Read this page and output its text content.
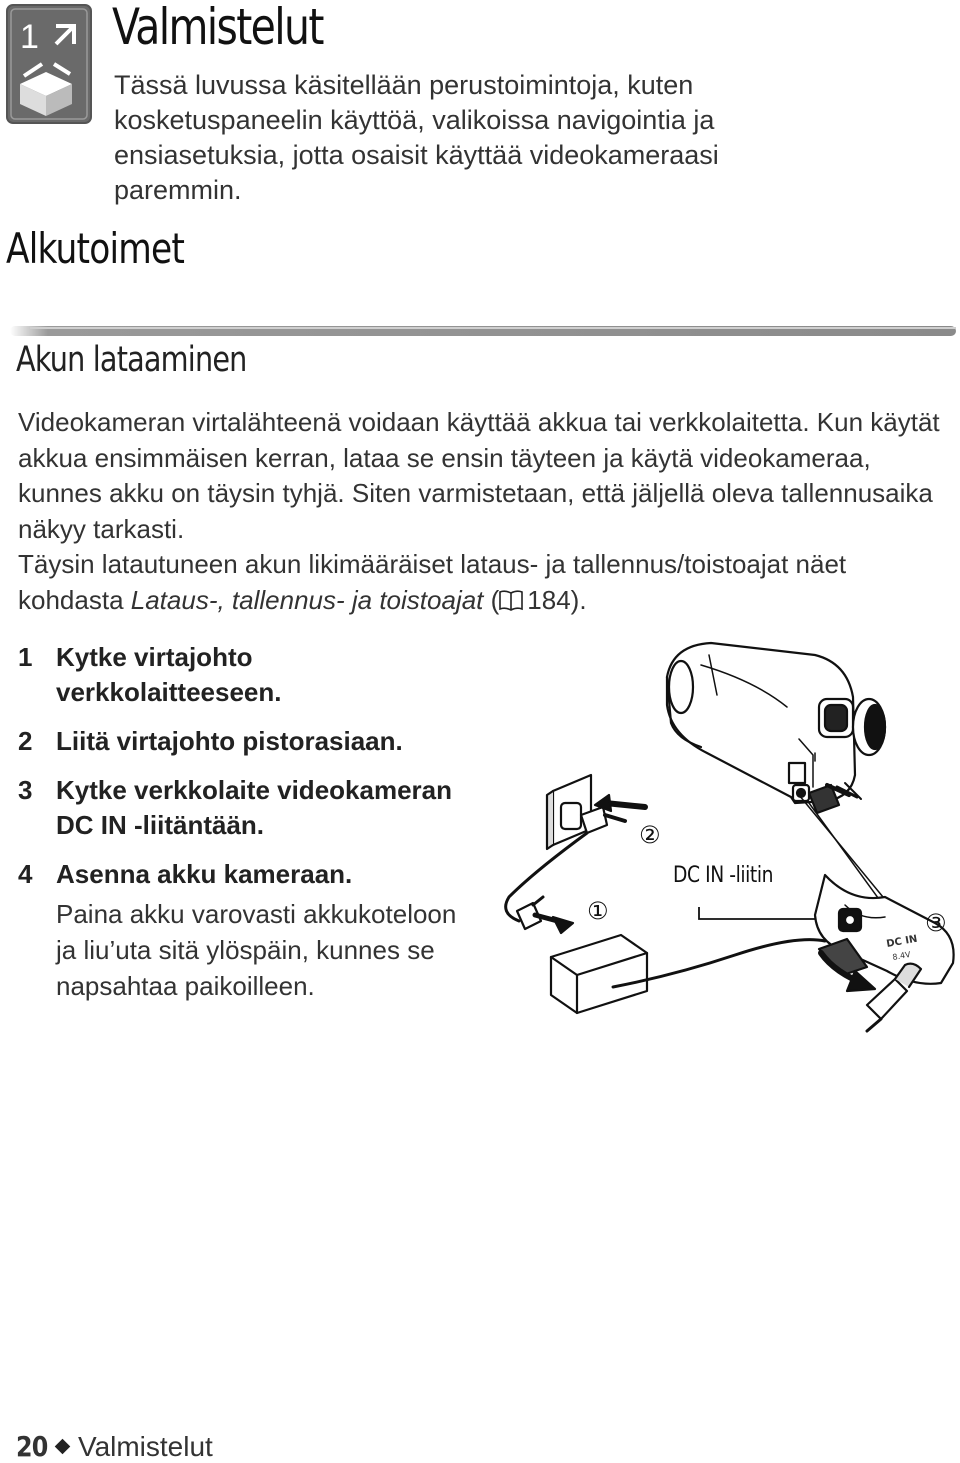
1 Valmistelut

Tässä luvussa käsitellään perustoimintoja, kuten kosketuspaneelin käyttöä, valikoissa navigointia ja ensiasetuksia, jotta osaisit käyttää videokameraasi paremmin.

Alkutoimet
Akun lataaminen

Videokameran virtalähteenä voidaan käyttää akkua tai verkkolaitetta. Kun käytät akkua ensimmäisen kerran, lataa se ensin täyteen ja käytä videokameraa, kunnes akku on täysin tyhjä. Siten varmistetaan, että jäljellä oleva tallennusaika näkyy tarkasti.

Täysin latautuneen akun likimääräiset lataus- ja tallennus/toistoajat näet kohdasta Lataus-, tallennus- ja toistoajat ( 184).

1 Kytke virtajohto verkkolaitteeseen.
2 Liitä virtajohto pistorasiaan.
3 Kytke verkkolaite videokameran DC IN -liitäntään.
4 Asenna akku kameraan.
Paina akku varovasti akkukoteloon ja liu’uta sitä ylöspäin, kunnes se napsahtaa paikoilleen.
DC IN
8.4V
②
①	③
DC IN -liitin
20 Valmistelut
